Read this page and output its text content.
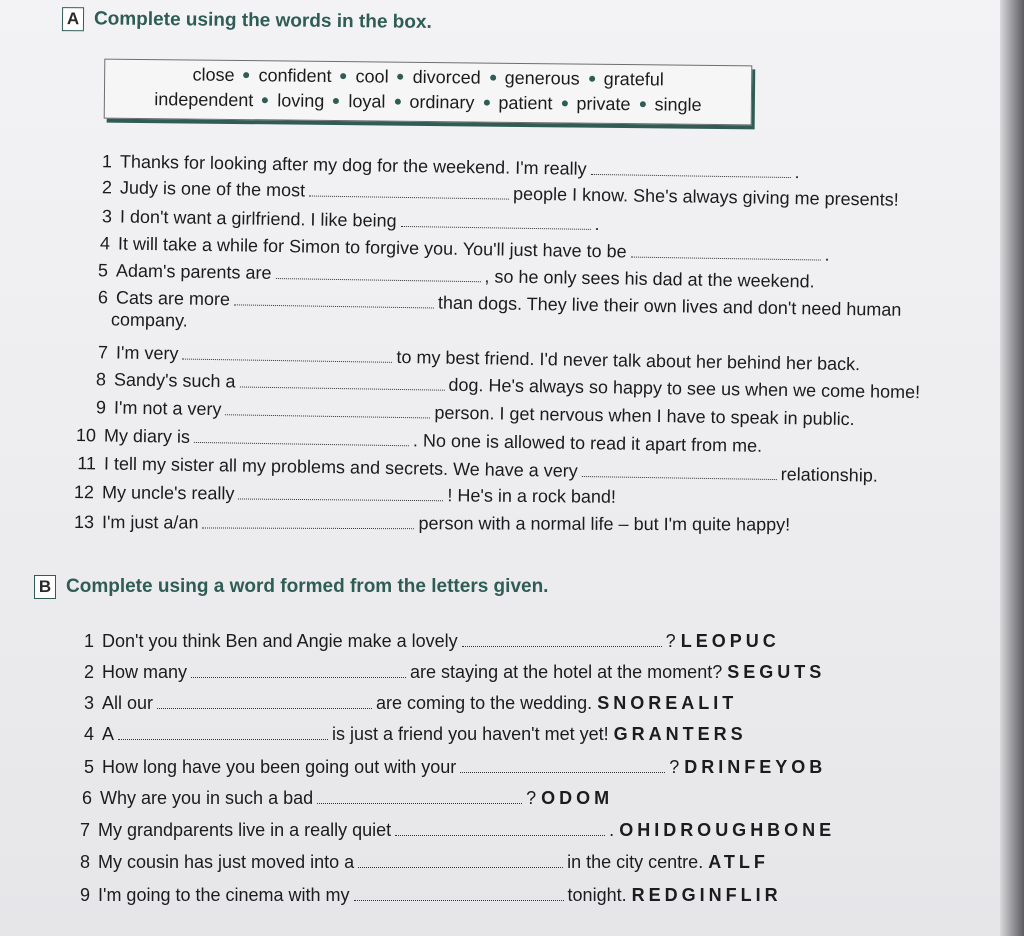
A Complete using the words in the box.
close confident cool divorced generous grateful
independent loving loyal ordinary patient private single
1 Thanks for looking after my dog for the weekend. I'm really	.
2 Judy is one of the most	people I know. She's always giving me presents!
3 I don't want a girlfriend. I like being	.
4 It will take a while for Simon to forgive you. You'll just have to be	.
5 Adam's parents are	, so he only sees his dad at the weekend.
6 Cats are more	than dogs. They live their own lives and don't need human
company.
7 I'm very	to my best friend. I'd never talk about her behind her back.
8 Sandy's such a	dog. He's always so happy to see us when we come home!
9 I'm not a very	person. I get nervous when I have to speak in public.
10 My diary is	. No one is allowed to read it apart from me.
11 I tell my sister all my problems and secrets. We have a very	relationship.
12 My uncle's really	! He's in a rock band!
13 I'm just a/an	person with a normal life – but I'm quite happy!
B Complete using a word formed from the letters given.
1 Don't you think Ben and Angie make a lovely	? LEOPUC
2 How many	are staying at the hotel at the moment? SEGUTS
3 All our	are coming to the wedding. SNOREALIT
4 A	is just a friend you haven't met yet! GRANTERS
5 How long have you been going out with your	? DRINFEYOB
6 Why are you in such a bad	? ODOM
7 My grandparents live in a really quiet	. OHIDROUGHBONE
8 My cousin has just moved into a	in the city centre. ATLF
9 I'm going to the cinema with my	tonight. REDGINFLIR
